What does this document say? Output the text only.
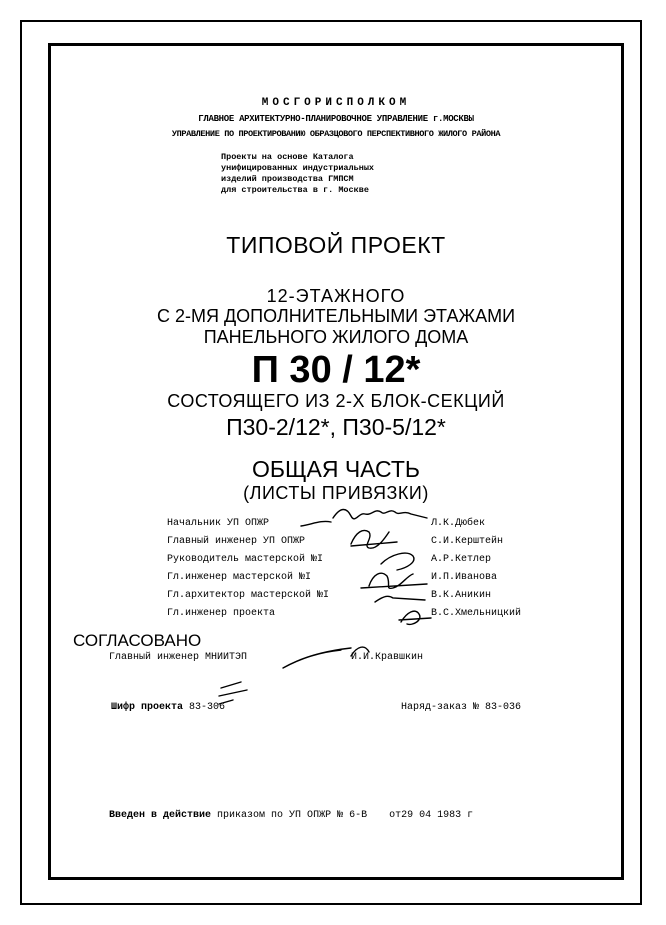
МОСГОРИСПОЛКОМ
ГЛАВНОЕ АРХИТЕКТУРНО-ПЛАНИРОВОЧНОЕ УПРАВЛЕНИЕ г.МОСКВЫ
УПРАВЛЕНИЕ ПО ПРОЕКТИРОВАНИЮ ОБРАЗЦОВОГО ПЕРСПЕКТИВНОГО ЖИЛОГО РАЙОНА
Проекты на основе Каталога
унифицированных индустриальных
изделий производства ГМПСМ
для строительства в г. Москве
ТИПОВОЙ ПРОЕКТ
12-ЭТАЖНОГО
С 2-МЯ ДОПОЛНИТЕЛЬНЫМИ ЭТАЖАМИ
ПАНЕЛЬНОГО ЖИЛОГО ДОМА
П 30 / 12*
СОСТОЯЩЕГО ИЗ 2-Х БЛОК-СЕКЦИЙ
П30-2/12*, П30-5/12*
ОБЩАЯ ЧАСТЬ
(ЛИСТЫ ПРИВЯЗКИ)
Начальник УП ОПЖР	Л.К.Дюбек
Главный инженер УП ОПЖР	С.И.Керштейн
Руководитель мастерской №I	А.Р.Кетлер
Гл.инженер мастерской №I	И.П.Иванова
Гл.архитектор мастерской №I	В.К.Аникин
Гл.инженер проекта	В.С.Хмельницкий
СОГЛАСОВАНО
Главный инженер МНИИТЭП	И.И.Кравшкин
Шифр проекта 83-306	Наряд-заказ № 83-036
Введен в действие приказом по УП ОПЖР № 6-В от29 04 1983 г
